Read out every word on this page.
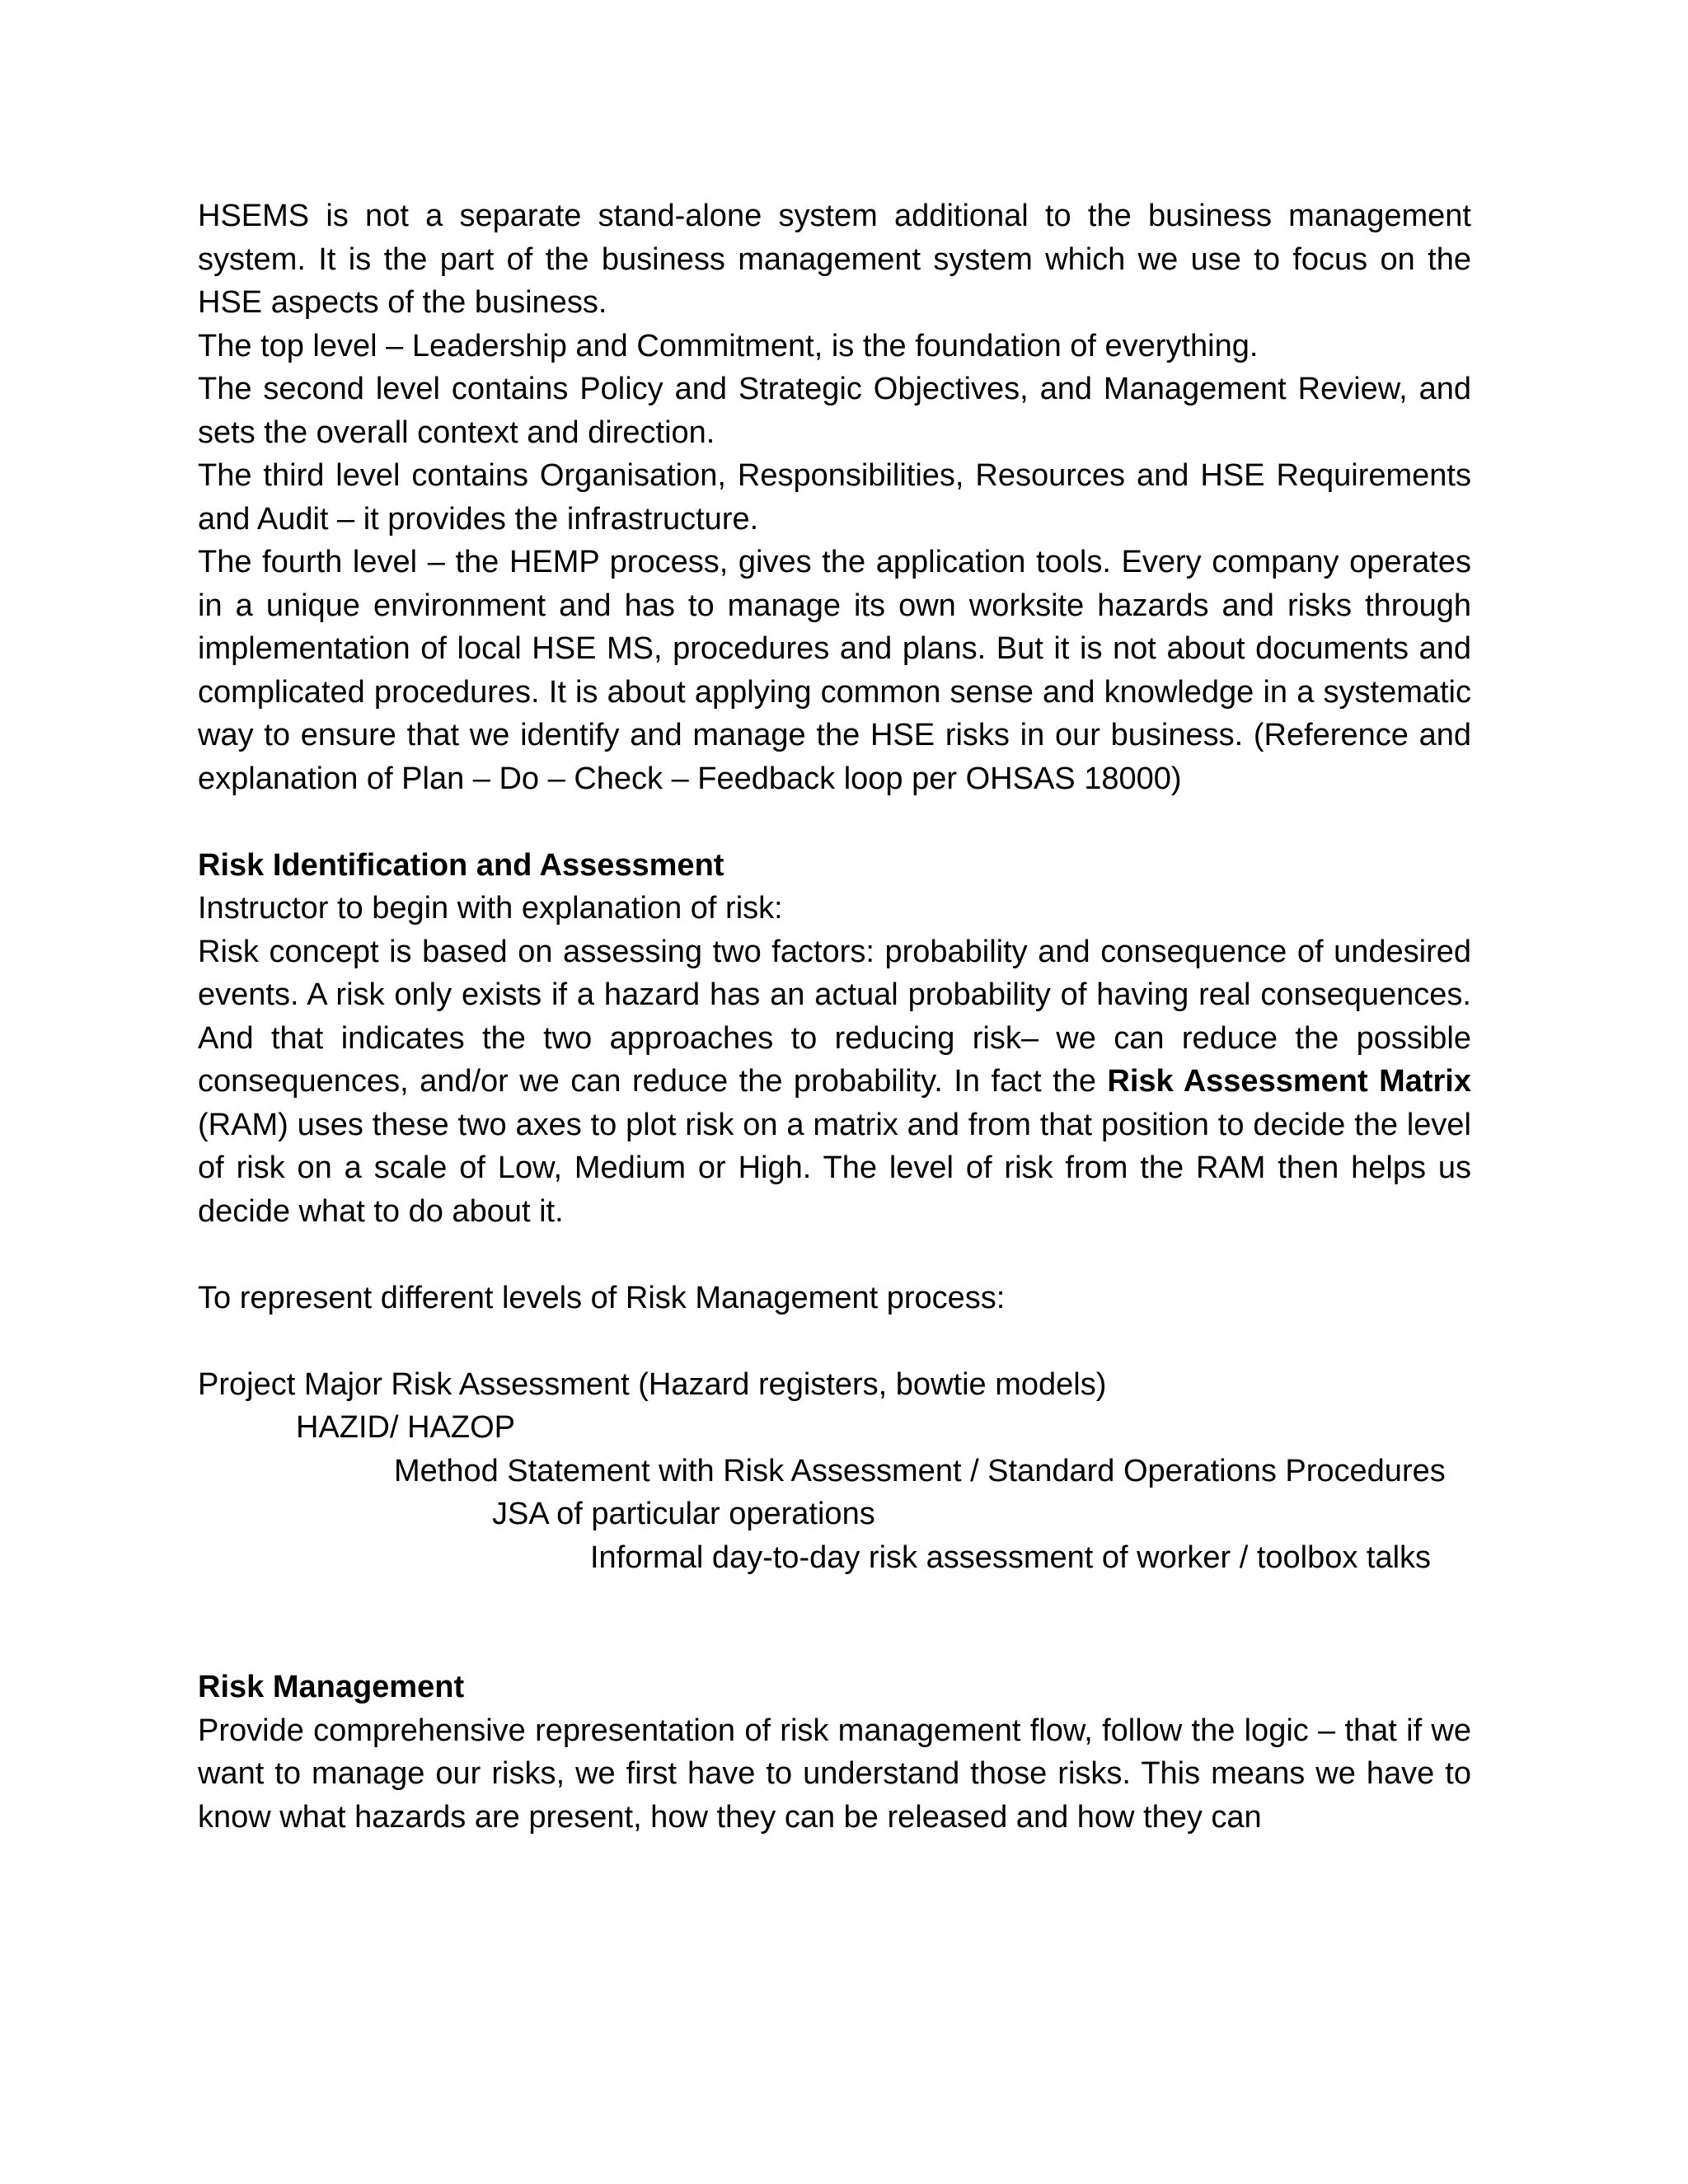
HSEMS is not a separate stand-alone system additional to the business management system. It is the part of the business management system which we use to focus on the HSE aspects of the business.

The top level – Leadership and Commitment, is the foundation of everything.

The second level contains Policy and Strategic Objectives, and Management Review, and sets the overall context and direction.

The third level contains Organisation, Responsibilities, Resources and HSE Requirements and Audit – it provides the infrastructure.

The fourth level – the HEMP process, gives the application tools. Every company operates in a unique environment and has to manage its own worksite hazards and risks through implementation of local HSE MS, procedures and plans. But it is not about documents and complicated procedures. It is about applying common sense and knowledge in a systematic way to ensure that we identify and manage the HSE risks in our business. (Reference and explanation of Plan – Do – Check – Feedback loop per OHSAS 18000)

Risk Identification and Assessment

Instructor to begin with explanation of risk:

Risk concept is based on assessing two factors: probability and consequence of undesired events. A risk only exists if a hazard has an actual probability of having real consequences. And that indicates the two approaches to reducing risk– we can reduce the possible consequences, and/or we can reduce the probability. In fact the Risk Assessment Matrix (RAM) uses these two axes to plot risk on a matrix and from that position to decide the level of risk on a scale of Low, Medium or High. The level of risk from the RAM then helps us decide what to do about it.

To represent different levels of Risk Management process:

Project Major Risk Assessment (Hazard registers, bowtie models)

HAZID/ HAZOP

Method Statement with Risk Assessment / Standard Operations Procedures

JSA of particular operations

Informal day-to-day risk assessment of worker / toolbox talks

Risk Management

Provide comprehensive representation of risk management flow, follow the logic – that if we want to manage our risks, we first have to understand those risks. This means we have to know what hazards are present, how they can be released and how they can
